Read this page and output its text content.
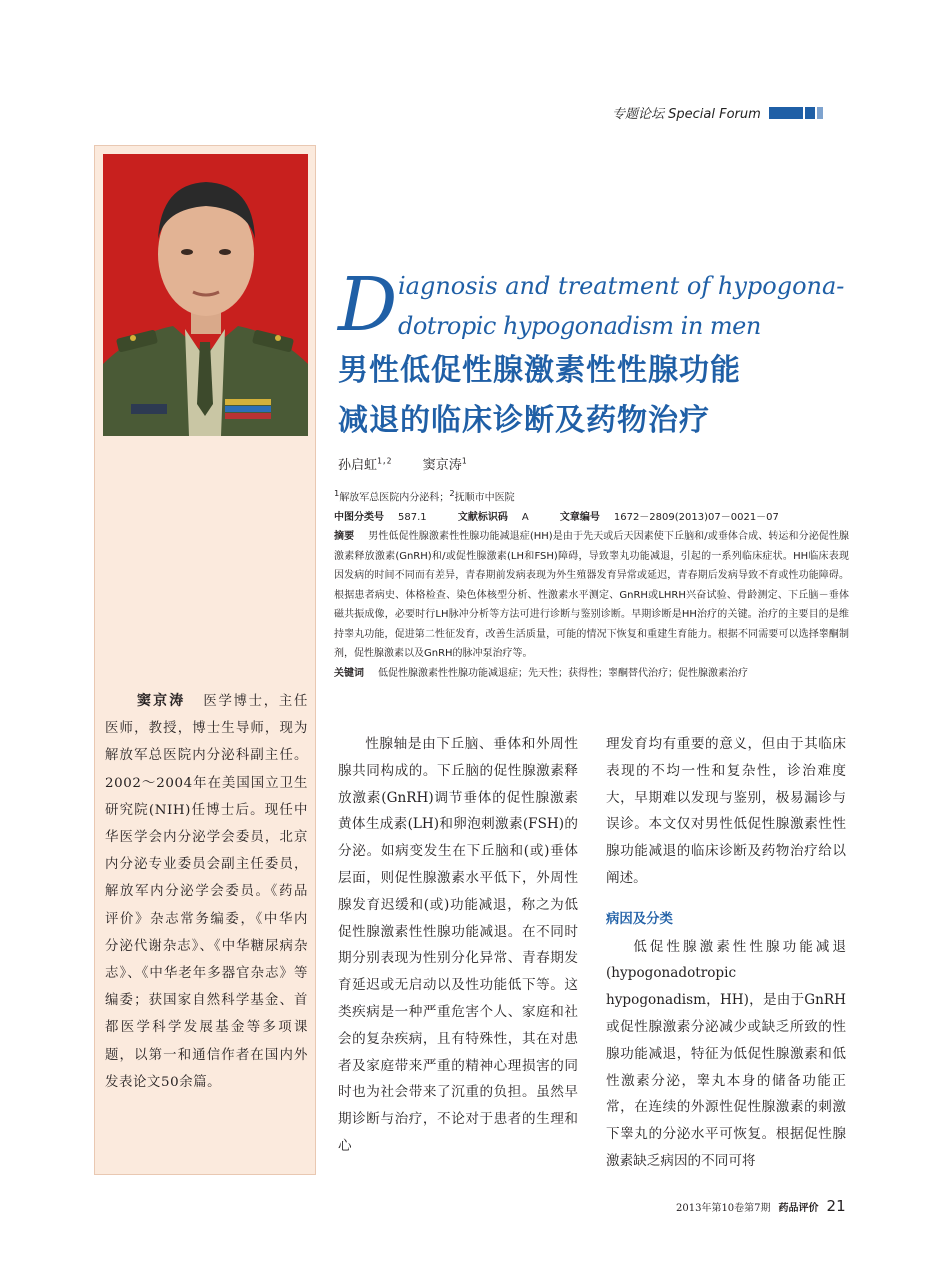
专题论坛 Special Forum
窦京涛 医学博士，主任医师，教授，博士生导师，现为解放军总医院内分泌科副主任。2002～2004年在美国国立卫生研究院(NIH)任博士后。现任中华医学会内分泌学会委员，北京内分泌专业委员会副主任委员，解放军内分泌学会委员。《药品评价》杂志常务编委，《中华内分泌代谢杂志》、《中华糖尿病杂志》、《中华老年多器官杂志》等编委；获国家自然科学基金、首都医学科学发展基金等多项课题，以第一和通信作者在国内外发表论文50余篇。
D iagnosis and treatment of hypogona-
dotropic hypogonadism in men
男性低促性腺激素性性腺功能
减退的临床诊断及药物治疗
孙启虹$^{1,2}$ 窦京涛$^1$
$^1$解放军总医院内分泌科；$^2$抚顺市中医院
中图分类号 587.1	文献标识码 A	文章编号 1672－2809(2013)07－0021－07
摘要 男性低促性腺激素性性腺功能减退症(HH)是由于先天或后天因素使下丘脑和/或垂体合成、转运和分泌促性腺激素释放激素(GnRH)和/或促性腺激素(LH和FSH)障碍，导致睾丸功能减退，引起的一系列临床症状。HH临床表现因发病的时间不同而有差异，青春期前发病表现为外生殖器发育异常或延迟，青春期后发病导致不育或性功能障碍。根据患者病史、体格检查、染色体核型分析、性激素水平测定、GnRH或LHRH兴奋试验、骨龄测定、下丘脑－垂体磁共振成像，必要时行LH脉冲分析等方法可进行诊断与鉴别诊断。早期诊断是HH治疗的关键。治疗的主要目的是维持睾丸功能，促进第二性征发育，改善生活质量，可能的情况下恢复和重建生育能力。根据不同需要可以选择睾酮制剂，促性腺激素以及GnRH的脉冲泵治疗等。
关键词 低促性腺激素性性腺功能减退症；先天性；获得性；睾酮替代治疗；促性腺激素治疗

性腺轴是由下丘脑、垂体和外周性腺共同构成的。下丘脑的促性腺激素释放激素(GnRH)调节垂体的促性腺激素黄体生成素(LH)和卵泡刺激素(FSH)的分泌。如病变发生在下丘脑和(或)垂体层面，则促性腺激素水平低下，外周性腺发育迟缓和(或)功能减退，称之为低促性腺激素性性腺功能减退。在不同时期分别表现为性别分化异常、青春期发育延迟或无启动以及性功能低下等。这类疾病是一种严重危害个人、家庭和社会的复杂疾病，且有特殊性，其在对患者及家庭带来严重的精神心理损害的同时也为社会带来了沉重的负担。虽然早期诊断与治疗，不论对于患者的生理和心

理发育均有重要的意义，但由于其临床表现的不均一性和复杂性，诊治难度大，早期难以发现与鉴别，极易漏诊与误诊。本文仅对男性低促性腺激素性性腺功能减退的临床诊断及药物治疗给以阐述。

病因及分类

低促性腺激素性性腺功能减退(hypogonadotropic hypogonadism，HH)，是由于GnRH或促性腺激素分泌减少或缺乏所致的性腺功能减退，特征为低促性腺激素和低性激素分泌，睾丸本身的储备功能正常，在连续的外源性促性腺激素的刺激下睾丸的分泌水平可恢复。根据促性腺激素缺乏病因的不同可将

2013年第10卷第7期 药品评价 21
